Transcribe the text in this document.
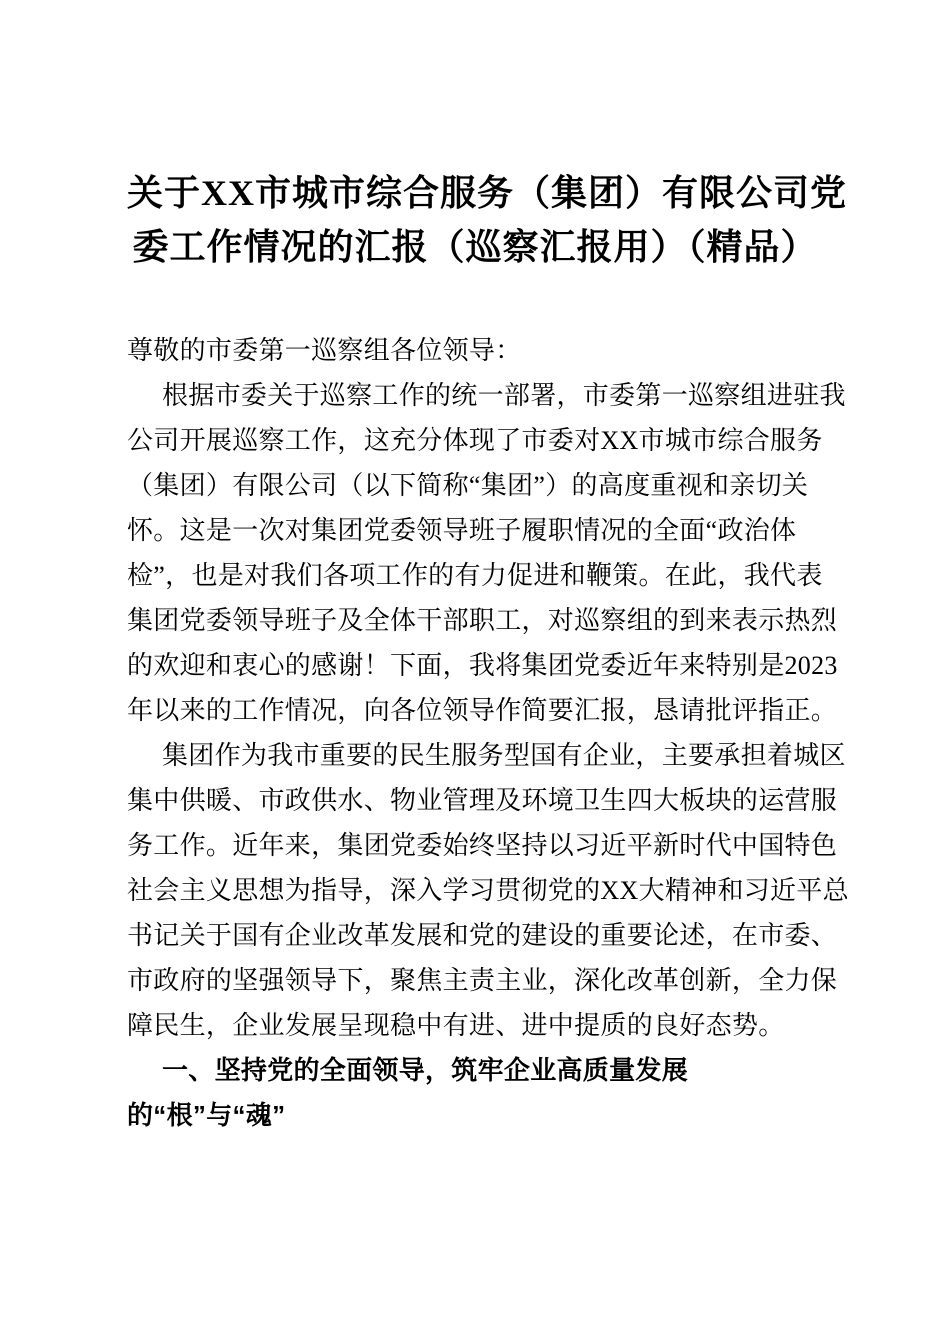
关于XX市城市综合服务（集团）有限公司党
委工作情况的汇报（巡察汇报用）（精品）
尊敬的市委第一巡察组各位领导：
根据市委关于巡察工作的统一部署，市委第一巡察组进驻我
公司开展巡察工作，这充分体现了市委对XX市城市综合服务
（集团）有限公司（以下简称“集团”）的高度重视和亲切关
怀。这是一次对集团党委领导班子履职情况的全面“政治体
检”，也是对我们各项工作的有力促进和鞭策。在此，我代表
集团党委领导班子及全体干部职工，对巡察组的到来表示热烈
的欢迎和衷心的感谢！下面，我将集团党委近年来特别是2023
年以来的工作情况，向各位领导作简要汇报，恳请批评指正。
集团作为我市重要的民生服务型国有企业，主要承担着城区
集中供暖、市政供水、物业管理及环境卫生四大板块的运营服
务工作。近年来，集团党委始终坚持以习近平新时代中国特色
社会主义思想为指导，深入学习贯彻党的XX大精神和习近平总
书记关于国有企业改革发展和党的建设的重要论述，在市委、
市政府的坚强领导下，聚焦主责主业，深化改革创新，全力保
障民生，企业发展呈现稳中有进、进中提质的良好态势。
一、坚持党的全面领导，筑牢企业高质量发展
的“根”与“魂”
